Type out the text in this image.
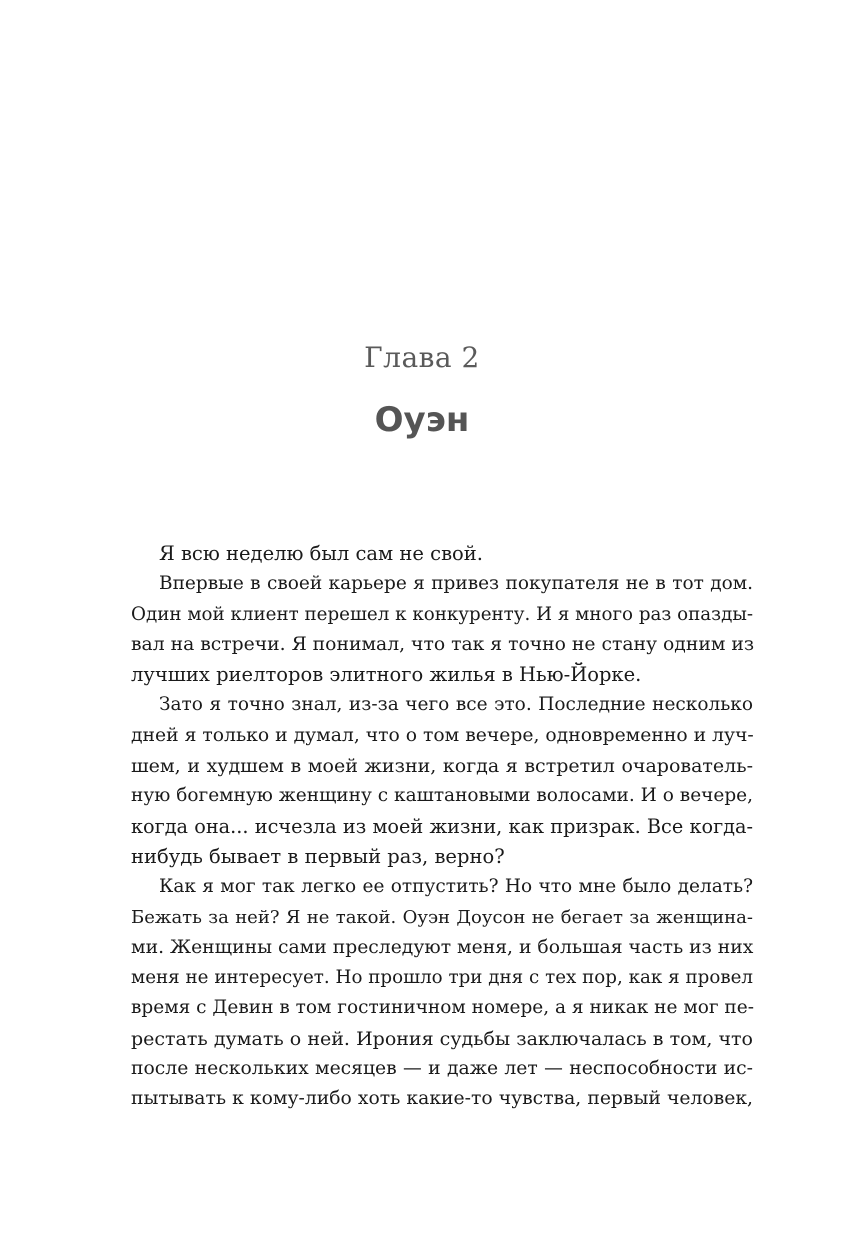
Глава 2
Оуэн
Я всю неделю был сам не свой.
Впервые в своей карьере я привез покупателя не в тот дом.
Один мой клиент перешел к конкуренту. И я много раз опазды-
вал на встречи. Я понимал, что так я точно не стану одним из
лучших риелторов элитного жилья в Нью-Йорке.
Зато я точно знал, из-за чего все это. Последние несколько
дней я только и думал, что о том вечере, одновременно и луч-
шем, и худшем в моей жизни, когда я встретил очарователь-
ную богемную женщину с каштановыми волосами. И о вечере,
когда она... исчезла из моей жизни, как призрак. Все когда-
нибудь бывает в первый раз, верно?
Как я мог так легко ее отпустить? Но что мне было делать?
Бежать за ней? Я не такой. Оуэн Доусон не бегает за женщина-
ми. Женщины сами преследуют меня, и большая часть из них
меня не интересует. Но прошло три дня с тех пор, как я провел
время с Девин в том гостиничном номере, а я никак не мог пе-
рестать думать о ней. Ирония судьбы заключалась в том, что
после нескольких месяцев — и даже лет — неспособности ис-
пытывать к кому-либо хоть какие-то чувства, первый человек,
